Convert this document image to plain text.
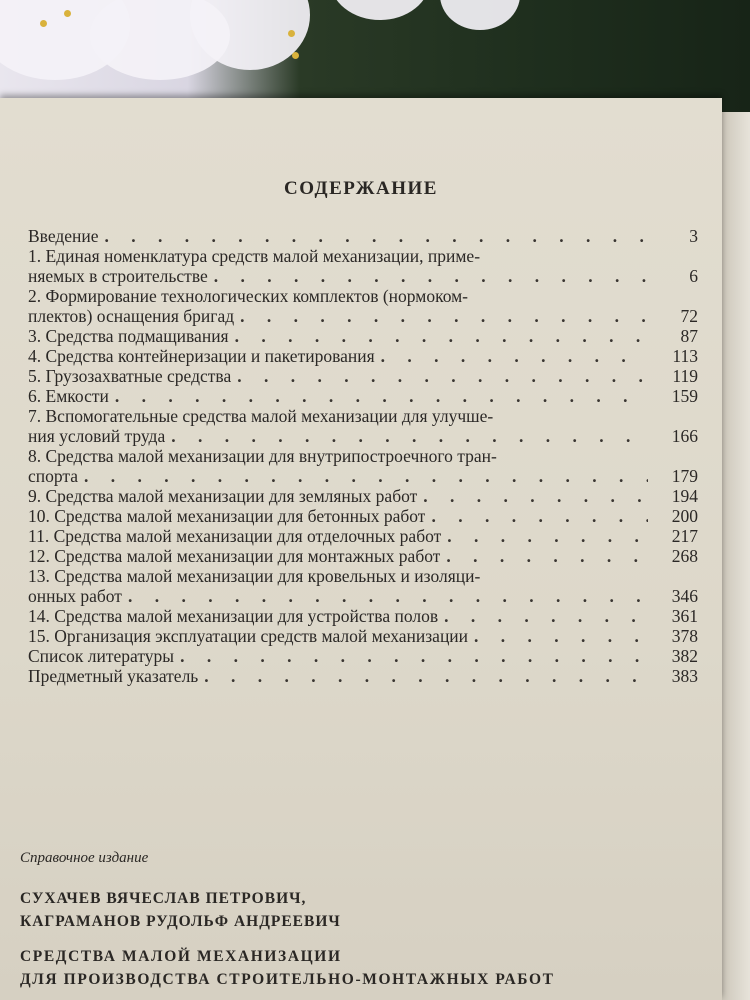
СОДЕРЖАНИЕ
Введение . . .	3
1. Единая номенклатура средств малой механизации, приме-
няемых в строительстве . . .	6
2. Формирование технологических комплектов (нормоком-
плектов) оснащения бригад . . .	72
3. Средства подмащивания . . .	87
4. Средства контейнеризации и пакетирования . . .	113
5. Грузозахватные средства . . .	119
6. Емкости . . .	159
7. Вспомогательные средства малой механизации для улучше-
ния условий труда . . .	166
8. Средства малой механизации для внутрипостроечного тран-
спорта . . .	179
9. Средства малой механизации для земляных работ . . .	194
10. Средства малой механизации для бетонных работ . . .	200
11. Средства малой механизации для отделочных работ . . .	217
12. Средства малой механизации для монтажных работ . . .	268
13. Средства малой механизации для кровельных и изоляци-
онных работ . . .	346
14. Средства малой механизации для устройства полов . . .	361
15. Организация эксплуатации средств малой механизации . . .	378
Список литературы . . .	382
Предметный указатель . . .	383
Справочное издание
СУХАЧЕВ ВЯЧЕСЛАВ ПЕТРОВИЧ,
КАГРАМАНОВ РУДОЛЬФ АНДРЕЕВИЧ
СРЕДСТВА МАЛОЙ МЕХАНИЗАЦИИ
ДЛЯ ПРОИЗВОДСТВА СТРОИТЕЛЬНО-МОНТАЖНЫХ РАБОТ
